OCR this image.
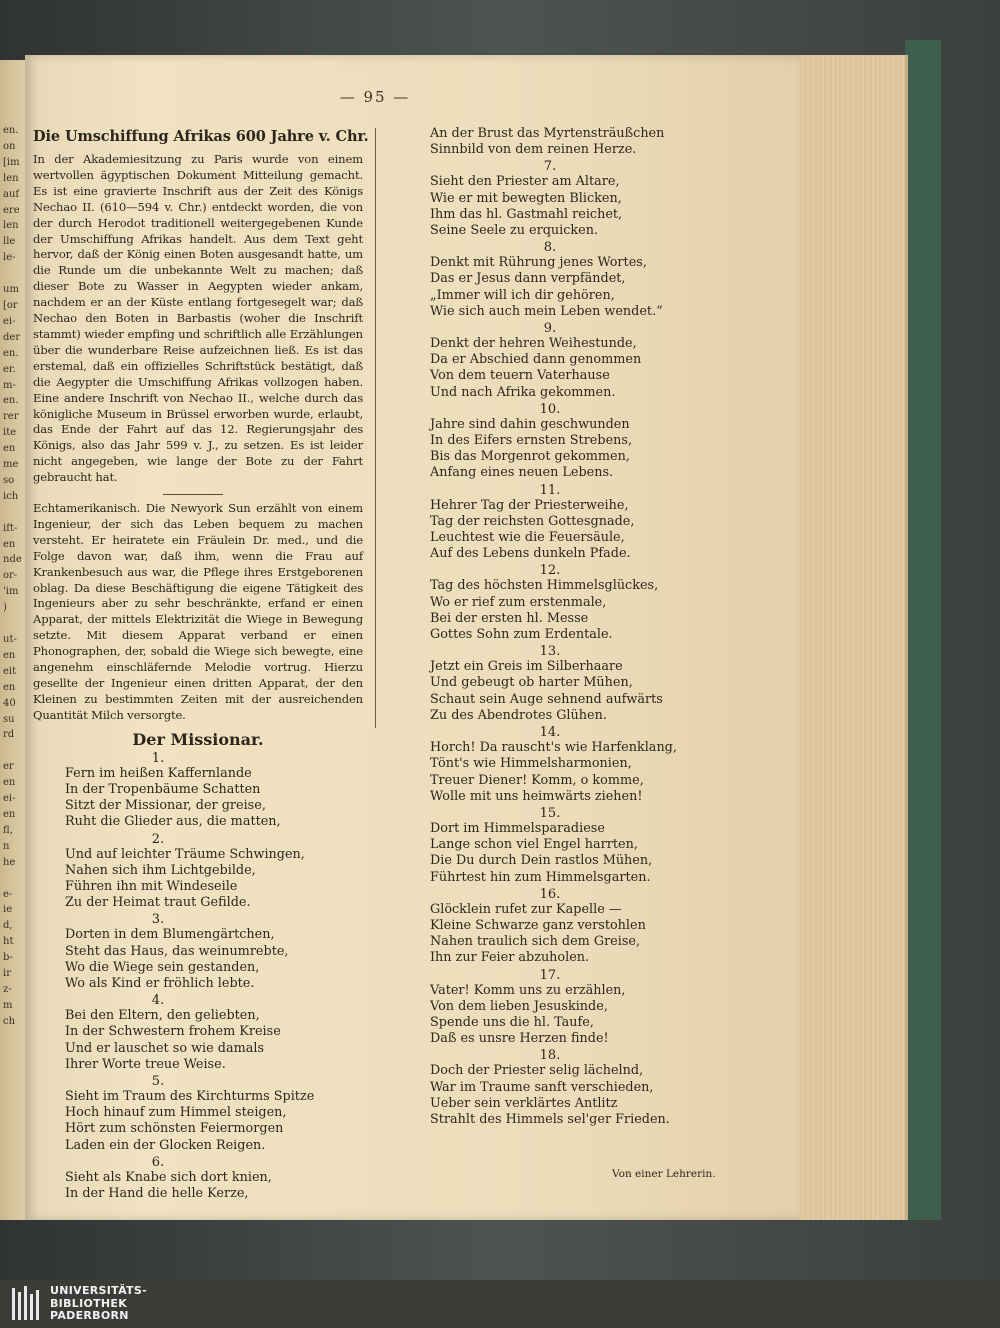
en.
on
[im
len
auf
ere
len
lle
le-

um
[or
ei-
der
en.
er.
m-
en.
rer
ite
en
me
so
ich

ift-
en
nde
or-
'im
)

ut-
en
eit
en
40
su
rd

er
en
ei-
en
fl,
n
he

e-
ie
d,
ht
b-
ir
z-
m
ch
— 95 —
Die Umschiffung Afrikas 600 Jahre v. Chr.

In der Akademiesitzung zu Paris wurde von einem wertvollen ägyptischen Dokument Mitteilung gemacht. Es ist eine gravierte Inschrift aus der Zeit des Königs Nechao II. (610—594 v. Chr.) entdeckt worden, die von der durch Herodot traditionell weitergegebenen Kunde der Umschiffung Afrikas handelt. Aus dem Text geht hervor, daß der König einen Boten ausgesandt hatte, um die Runde um die unbekannte Welt zu machen; daß dieser Bote zu Wasser in Aegypten wieder ankam, nachdem er an der Küste entlang fortgesegelt war; daß Nechao den Boten in Barbastis (woher die Inschrift stammt) wieder empfing und schriftlich alle Erzählungen über die wunderbare Reise aufzeichnen ließ. Es ist das erstemal, daß ein offizielles Schriftstück bestätigt, daß die Aegypter die Umschiffung Afrikas vollzogen haben. Eine andere Inschrift von Nechao II., welche durch das königliche Museum in Brüssel erworben wurde, erlaubt, das Ende der Fahrt auf das 12. Regierungsjahr des Königs, also das Jahr 599 v. J., zu setzen. Es ist leider nicht angegeben, wie lange der Bote zu der Fahrt gebraucht hat.

Echtamerikanisch. Die Newyork Sun erzählt von einem Ingenieur, der sich das Leben bequem zu machen versteht. Er heiratete ein Fräulein Dr. med., und die Folge davon war, daß ihm, wenn die Frau auf Krankenbesuch aus war, die Pflege ihres Erstgeborenen oblag. Da diese Beschäftigung die eigene Tätigkeit des Ingenieurs aber zu sehr beschränkte, erfand er einen Apparat, der mittels Elektrizität die Wiege in Bewegung setzte. Mit diesem Apparat verband er einen Phonographen, der, sobald die Wiege sich bewegte, eine angenehm einschläfernde Melodie vortrug. Hierzu gesellte der Ingenieur einen dritten Apparat, der den Kleinen zu bestimmten Zeiten mit der ausreichenden Quantität Milch versorgte.

Der Missionar.
1.
Fern im heißen Kaffernlande
In der Tropenbäume Schatten
Sitzt der Missionar, der greise,
Ruht die Glieder aus, die matten,
2.
Und auf leichter Träume Schwingen,
Nahen sich ihm Lichtgebilde,
Führen ihn mit Windeseile
Zu der Heimat traut Gefilde.
3.
Dorten in dem Blumengärtchen,
Steht das Haus, das weinumrebte,
Wo die Wiege sein gestanden,
Wo als Kind er fröhlich lebte.
4.
Bei den Eltern, den geliebten,
In der Schwestern frohem Kreise
Und er lauschet so wie damals
Ihrer Worte treue Weise.
5.
Sieht im Traum des Kirchturms Spitze
Hoch hinauf zum Himmel steigen,
Hört zum schönsten Feiermorgen
Laden ein der Glocken Reigen.
6.
Sieht als Knabe sich dort knien,
In der Hand die helle Kerze,
An der Brust das Myrtensträußchen
Sinnbild von dem reinen Herze.
7.
Sieht den Priester am Altare,
Wie er mit bewegten Blicken,
Ihm das hl. Gastmahl reichet,
Seine Seele zu erquicken.
8.
Denkt mit Rührung jenes Wortes,
Das er Jesus dann verpfändet,
„Immer will ich dir gehören,
Wie sich auch mein Leben wendet.“
9.
Denkt der hehren Weihestunde,
Da er Abschied dann genommen
Von dem teuern Vaterhause
Und nach Afrika gekommen.
10.
Jahre sind dahin geschwunden
In des Eifers ernsten Strebens,
Bis das Morgenrot gekommen,
Anfang eines neuen Lebens.
11.
Hehrer Tag der Priesterweihe,
Tag der reichsten Gottesgnade,
Leuchtest wie die Feuersäule,
Auf des Lebens dunkeln Pfade.
12.
Tag des höchsten Himmelsglückes,
Wo er rief zum erstenmale,
Bei der ersten hl. Messe
Gottes Sohn zum Erdentale.
13.
Jetzt ein Greis im Silberhaare
Und gebeugt ob harter Mühen,
Schaut sein Auge sehnend aufwärts
Zu des Abendrotes Glühen.
14.
Horch! Da rauscht's wie Harfenklang,
Tönt's wie Himmelsharmonien,
Treuer Diener! Komm, o komme,
Wolle mit uns heimwärts ziehen!
15.
Dort im Himmelsparadiese
Lange schon viel Engel harrten,
Die Du durch Dein rastlos Mühen,
Führtest hin zum Himmelsgarten.
16.
Glöcklein rufet zur Kapelle —
Kleine Schwarze ganz verstohlen
Nahen traulich sich dem Greise,
Ihn zur Feier abzuholen.
17.
Vater! Komm uns zu erzählen,
Von dem lieben Jesuskinde,
Spende uns die hl. Taufe,
Daß es unsre Herzen finde!
18.
Doch der Priester selig lächelnd,
War im Traume sanft verschieden,
Ueber sein verklärtes Antlitz
Strahlt des Himmels sel'ger Frieden.
Von einer Lehrerin.
UNIVERSITÄTS-
BIBLIOTHEK
PADERBORN
